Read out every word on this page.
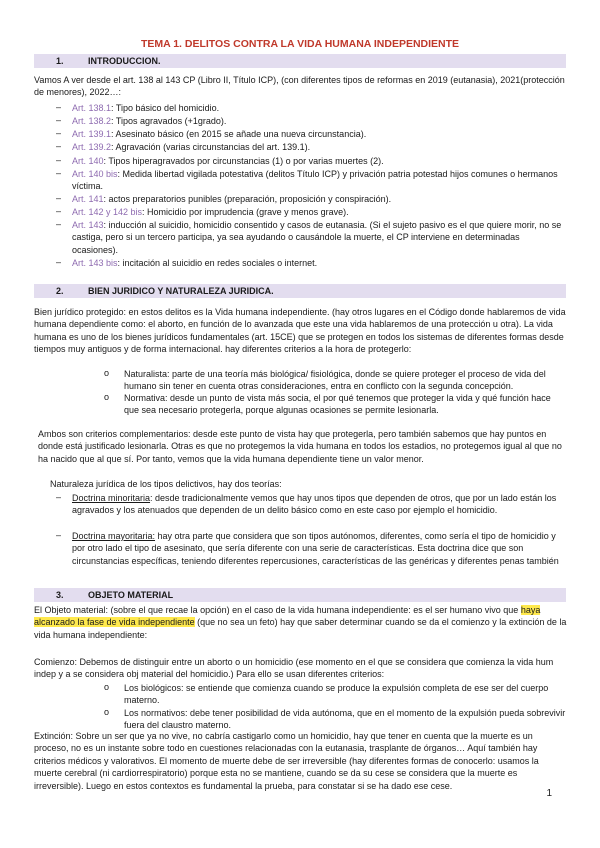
TEMA 1. DELITOS CONTRA LA VIDA HUMANA INDEPENDIENTE
1.	INTRODUCCION.
Vamos A ver desde el art. 138 al 143 CP (Libro II, Título ICP), (con diferentes tipos de reformas en 2019 (eutanasia), 2021(protección de menores), 2022…:
– Art. 138.1: Tipo básico del homicidio.
– Art. 138.2: Tipos agravados (+1grado).
– Art. 139.1: Asesinato básico (en 2015 se añade una nueva circunstancia).
– Art. 139.2: Agravación (varias circunstancias del art. 139.1).
– Art. 140: Tipos hiperagravados por circunstancias (1) o por varias muertes (2).
– Art. 140 bis: Medida libertad vigilada potestativa (delitos Título ICP) y privación patria potestad hijos comunes o hermanos víctima.
– Art. 141: actos preparatorios punibles (preparación, proposición y conspiración).
– Art. 142 y 142 bis: Homicidio por imprudencia (grave y menos grave).
– Art. 143: inducción al suicidio, homicidio consentido y casos de eutanasia. (Si el sujeto pasivo es el que quiere morir, no se castiga, pero si un tercero participa, ya sea ayudando o causándole la muerte, el CP interviene en determinadas ocasiones).
– Art. 143 bis: incitación al suicidio en redes sociales o internet.
2.	BIEN JURIDICO Y NATURALEZA JURIDICA.
Bien jurídico protegido: en estos delitos es la Vida humana independiente. (hay otros lugares en el Código donde hablaremos de vida humana dependiente como: el aborto, en función de lo avanzada que este una vida hablaremos de una protección u otra). La vida humana es uno de los bienes jurídicos fundamentales (art. 15CE) que se protegen en todos los sistemas de diferentes formas desde tiempos muy antiguos y de forma internacional. hay diferentes criterios a la hora de protegerlo:
o Naturalista: parte de una teoría más biológica/ fisiológica, donde se quiere proteger el proceso de vida del humano sin tener en cuenta otras consideraciones, entra en conflicto con la segunda concepción.
o Normativa: desde un punto de vista más socia, el por qué tenemos que proteger la vida y qué función hace que sea necesario protegerla, porque algunas ocasiones se permite lesionarla.
Ambos son criterios complementarios: desde este punto de vista hay que protegerla, pero también sabemos que hay puntos en donde está justificado lesionarla. Otras es que no protegemos la vida humana en todos los estadios, no protegemos igual al que no ha nacido que al que sí. Por tanto, vemos que la vida humana dependiente tiene un valor menor.
Naturaleza jurídica de los tipos delictivos, hay dos teorías:
– Doctrina minoritaria: desde tradicionalmente vemos que hay unos tipos que dependen de otros, que por un lado están los agravados y los atenuados que dependen de un delito básico como en este caso por ejemplo el homicidio.
– Doctrina mayoritaria: hay otra parte que considera que son tipos autónomos, diferentes, como sería el tipo de homicidio y por otro lado el tipo de asesinato, que sería diferente con una serie de características. Esta doctrina dice que son circunstancias específicas, teniendo diferentes repercusiones, características de las genéricas y diferentes penas también
3.	OBJETO MATERIAL
El Objeto material: (sobre el que recae la opción) en el caso de la vida humana independiente: es el ser humano vivo que haya alcanzado la fase de vida independiente (que no sea un feto) hay que saber determinar cuando se da el comienzo y la extinción de la vida humana independiente:
Comienzo: Debemos de distinguir entre un aborto o un homicidio (ese momento en el que se considera que comienza la vida hum indep y a se considera obj material del homicidio.) Para ello se usan diferentes criterios:
o Los biológicos: se entiende que comienza cuando se produce la expulsión completa de ese ser del cuerpo materno.
o Los normativos: debe tener posibilidad de vida autónoma, que en el momento de la expulsión pueda sobrevivir fuera del claustro materno.
Extinción: Sobre un ser que ya no vive, no cabría castigarlo como un homicidio, hay que tener en cuenta que la muerte es un proceso, no es un instante sobre todo en cuestiones relacionadas con la eutanasia, trasplante de órganos… Aquí también hay criterios médicos y valorativos. El momento de muerte debe de ser irreversible (hay diferentes formas de conocerlo: usamos la muerte cerebral (ni cardiorrespiratorio) porque esta no se mantiene, cuando se da su cese se considera que la muerte es irreversible). Luego en estos contextos es fundamental la prueba, para constatar si se ha dado ese cese.
1
